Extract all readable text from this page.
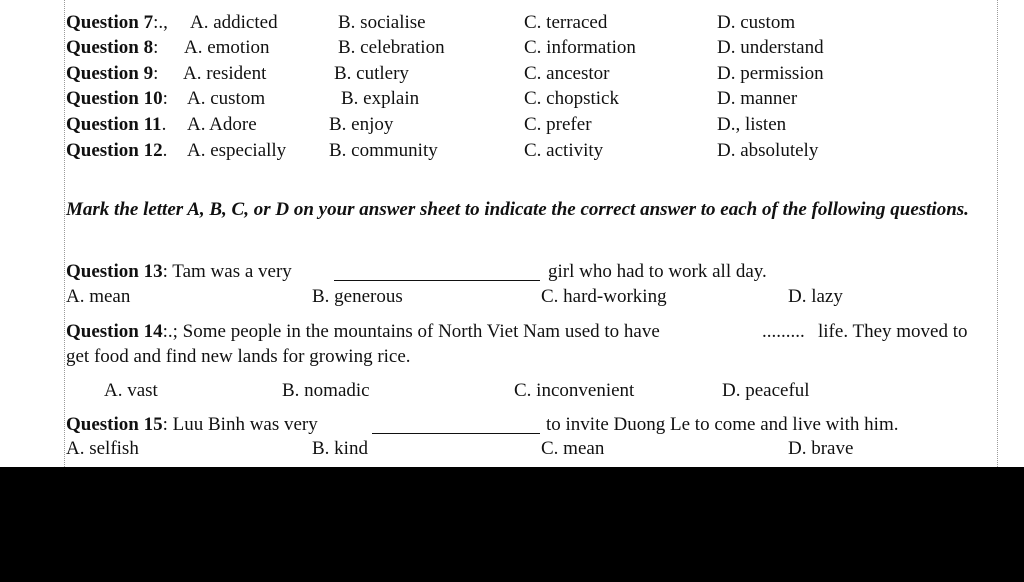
Question 7:., A. addicted	B. socialise	C. terraced	D. custom
Question 8: A. emotion	B. celebration	C. information	D. understand
Question 9: A. resident	B. cutlery	C. ancestor	D. permission
Question 10: A. custom	B. explain	C. chopstick	D. manner
Question 11. A. Adore	B. enjoy	C. prefer	D., listen
Question 12. A. especially B. community	C. activity	D. absolutely
Mark the letter A, B, C, or D on your answer sheet to indicate the correct answer to each of the following questions.
Question 13: Tam was a very	girl who had to work all day.
A. mean	B. generous	C. hard-working	D. lazy
Question 14:.; Some people in the mountains of North Viet Nam used to have	......... life. They moved to
get food and find new lands for growing rice.
A. vast	B. nomadic	C. inconvenient	D. peaceful
Question 15: Luu Binh was very	to invite Duong Le to come and live with him.
A. selfish	B. kind	C. mean	D. brave
